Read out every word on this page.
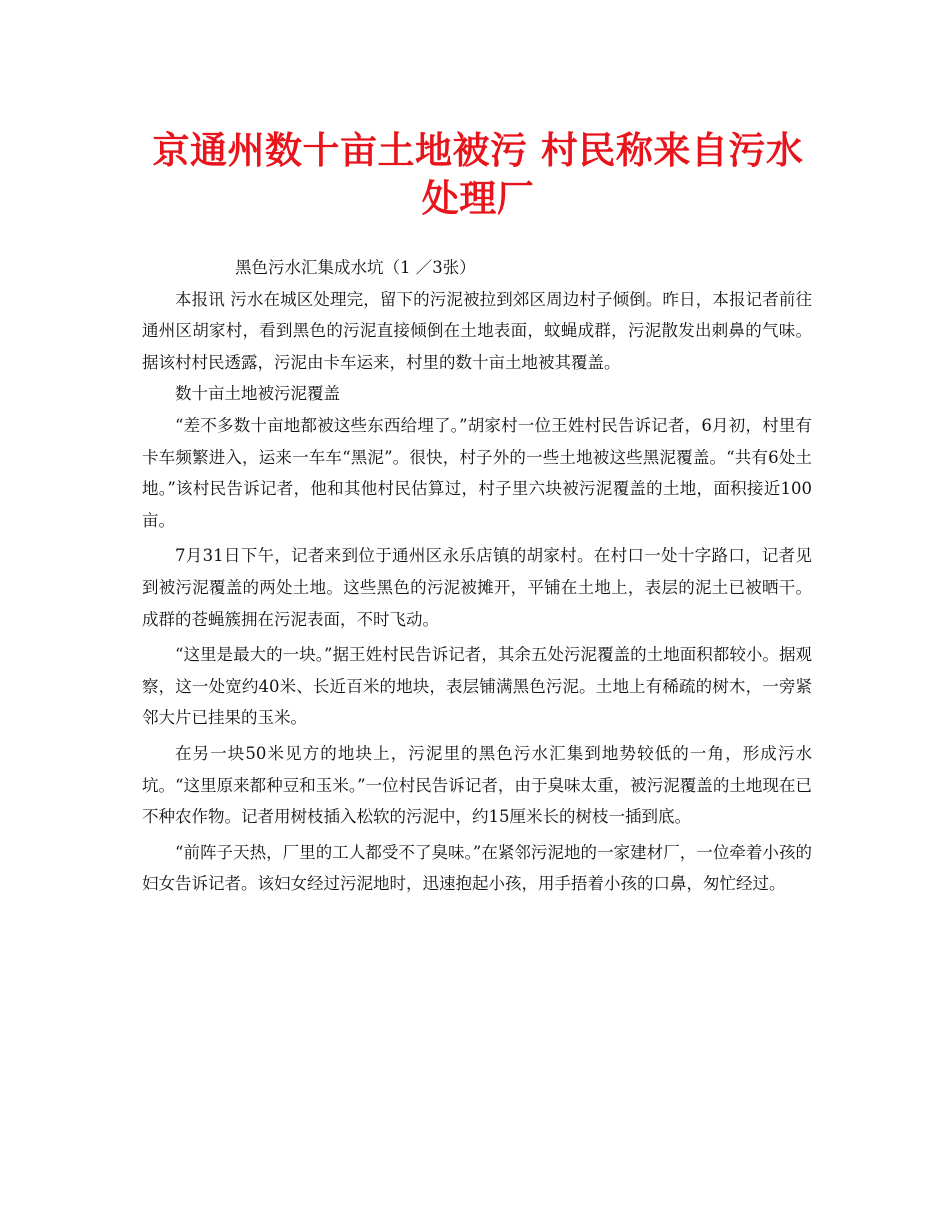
京通州数十亩土地被污 村民称来自污水处理厂

黑色污水汇集成水坑（1 ／3张）

本报讯 污水在城区处理完，留下的污泥被拉到郊区周边村子倾倒。昨日，本报记者前往通州区胡家村，看到黑色的污泥直接倾倒在土地表面，蚊蝇成群，污泥散发出刺鼻的气味。据该村村民透露，污泥由卡车运来，村里的数十亩土地被其覆盖。

数十亩土地被污泥覆盖

“差不多数十亩地都被这些东西给埋了。”胡家村一位王姓村民告诉记者，6月初，村里有卡车频繁进入，运来一车车“黑泥”。很快，村子外的一些土地被这些黑泥覆盖。“共有6处土地。”该村民告诉记者，他和其他村民估算过，村子里六块被污泥覆盖的土地，面积接近100亩。

7月31日下午，记者来到位于通州区永乐店镇的胡家村。在村口一处十字路口，记者见到被污泥覆盖的两处土地。这些黑色的污泥被摊开，平铺在土地上，表层的泥土已被晒干。成群的苍蝇簇拥在污泥表面，不时飞动。

“这里是最大的一块。”据王姓村民告诉记者，其余五处污泥覆盖的土地面积都较小。据观察，这一处宽约40米、长近百米的地块，表层铺满黑色污泥。土地上有稀疏的树木，一旁紧邻大片已挂果的玉米。

在另一块50米见方的地块上，污泥里的黑色污水汇集到地势较低的一角，形成污水坑。“这里原来都种豆和玉米。”一位村民告诉记者，由于臭味太重，被污泥覆盖的土地现在已不种农作物。记者用树枝插入松软的污泥中，约15厘米长的树枝一插到底。

“前阵子天热，厂里的工人都受不了臭味。”在紧邻污泥地的一家建材厂，一位牵着小孩的妇女告诉记者。该妇女经过污泥地时，迅速抱起小孩，用手捂着小孩的口鼻，匆忙经过。
